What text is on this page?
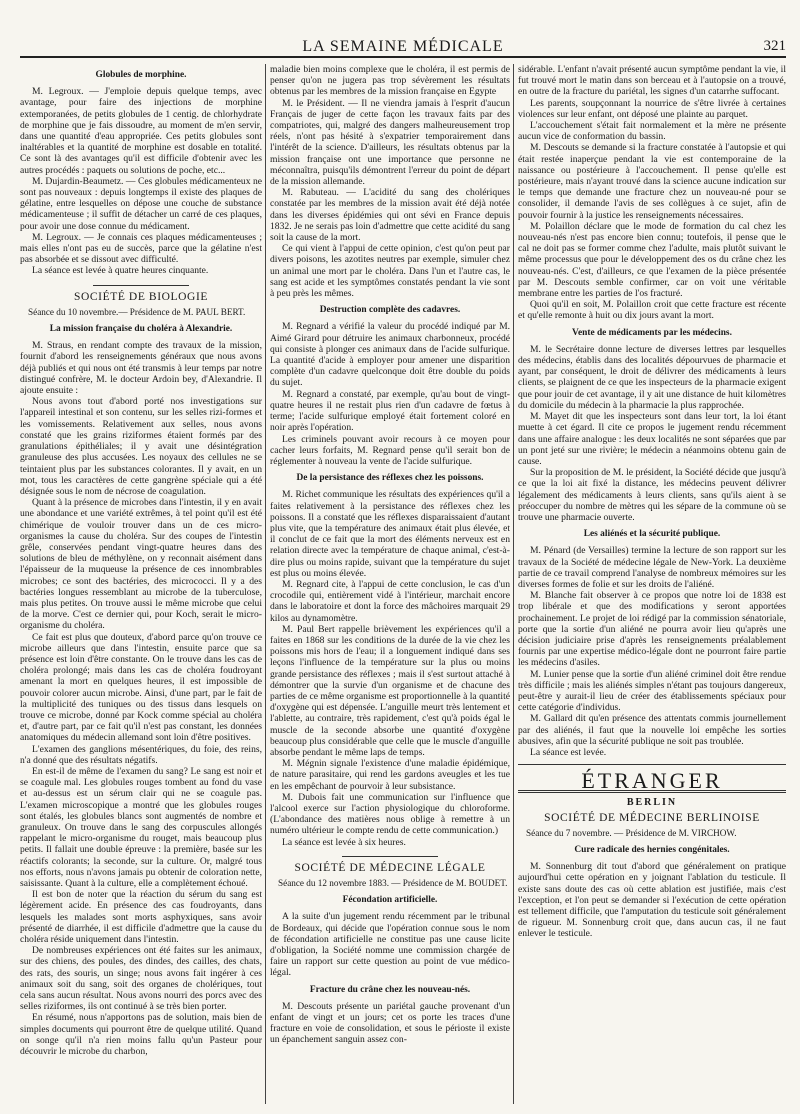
LA SEMAINE MÉDICALE	321
Globules de morphine.

M. Legroux. — J'emploie depuis quelque temps, avec avantage, pour faire des injections de morphine extemporanées, de petits globules de 1 centig. de chlorhydrate de morphine que je fais dissoudre, au moment de m'en servir, dans une quantité d'eau appropriée. Ces petits globules sont inaltérables et la quantité de morphine est dosable en totalité. Ce sont là des avantages qu'il est difficile d'obtenir avec les autres procédés : paquets ou solutions de poche, etc...

M. Dujardin-Beaumetz. — Ces globules médicamenteux ne sont pas nouveaux : depuis longtemps il existe des plaques de gélatine, entre lesquelles on dépose une couche de substance médicamenteuse ; il suffit de détacher un carré de ces plaques, pour avoir une dose connue du médicament.

M. Legroux. — Je connais ces plaques médicamenteuses ; mais elles n'ont pas eu de succès, parce que la gélatine n'est pas absorbée et se dissout avec difficulté.

La séance est levée à quatre heures cinquante.

SOCIÉTÉ DE BIOLOGIE

Séance du 10 novembre.— Présidence de M. PAUL BERT.

La mission française du choléra à Alexandrie.

M. Straus, en rendant compte des travaux de la mission, fournit d'abord les renseignements généraux que nous avons déjà publiés et qui nous ont été transmis à leur temps par notre distingué confrère, M. le docteur Ardoin bey, d'Alexandrie. Il ajoute ensuite :

Nous avons tout d'abord porté nos investigations sur l'appareil intestinal et son contenu, sur les selles rizi-formes et les vomissements. Relativement aux selles, nous avons constaté que les grains riziformes étaient formés par des granulations épithéliales; il y avait une désintégration granuleuse des plus accusées. Les noyaux des cellules ne se teintaient plus par les substances colorantes. Il y avait, en un mot, tous les caractères de cette gangrène spéciale qui a été désignée sous le nom de nécrose de coagulation.

Quant à la présence de microbes dans l'intestin, il y en avait une abondance et une variété extrêmes, à tel point qu'il est été chimérique de vouloir trouver dans un de ces micro-organismes la cause du choléra. Sur des coupes de l'intestin grêle, conservées pendant vingt-quatre heures dans des solutions de bleu de méthylène, on y reconnait aisément dans l'épaisseur de la muqueuse la présence de ces innombrables microbes; ce sont des bactéries, des micrococci. Il y a des bactéries longues ressemblant au microbe de la tuberculose, mais plus petites. On trouve aussi le même microbe que celui de la morve. C'est ce dernier qui, pour Koch, serait le micro-organisme du choléra.

Ce fait est plus que douteux, d'abord parce qu'on trouve ce microbe ailleurs que dans l'intestin, ensuite parce que sa présence est loin d'être constante. On le trouve dans les cas de choléra prolongé; mais dans les cas de choléra foudroyant amenant la mort en quelques heures, il est impossible de pouvoir colorer aucun microbe. Ainsi, d'une part, par le fait de la multiplicité des tuniques ou des tissus dans lesquels on trouve ce microbe, donné par Kock comme spécial au choléra et, d'autre part, par ce fait qu'il n'est pas constant, les données anatomiques du médecin allemand sont loin d'être positives.

L'examen des ganglions mésentériques, du foie, des reins, n'a donné que des résultats négatifs.

En est-il de même de l'examen du sang? Le sang est noir et se coagule mal. Les globules rouges tombent au fond du vase et au-dessus est un sérum clair qui ne se coagule pas. L'examen microscopique a montré que les globules rouges sont étalés, les globules blancs sont augmentés de nombre et granuleux. On trouve dans le sang des corpuscules allongés rappelant le micro-organisme du rouget, mais beaucoup plus petits. Il fallait une double épreuve : la première, basée sur les réactifs colorants; la seconde, sur la culture. Or, malgré tous nos efforts, nous n'avons jamais pu obtenir de coloration nette, saisissante. Quant à la culture, elle a complètement échoué.

Il est bon de noter que la réaction du sérum du sang est légèrement acide. En présence des cas foudroyants, dans lesquels les malades sont morts asphyxiques, sans avoir présenté de diarrhée, il est difficile d'admettre que la cause du choléra réside uniquement dans l'intestin.

De nombreuses expériences ont été faites sur les animaux, sur des chiens, des poules, des dindes, des cailles, des chats, des rats, des souris, un singe; nous avons fait ingérer à ces animaux soit du sang, soit des organes de cholériques, tout cela sans aucun résultat. Nous avons nourri des porcs avec des selles riziformes, ils ont continué à se très bien porter.

En résumé, nous n'apportons pas de solution, mais bien de simples documents qui pourront être de quelque utilité. Quand on songe qu'il n'a rien moins fallu qu'un Pasteur pour découvrir le microbe du charbon,

maladie bien moins complexe que le choléra, il est permis de penser qu'on ne jugera pas trop sévèrement les résultats obtenus par les membres de la mission française en Egypte

M. le Président. — Il ne viendra jamais à l'esprit d'aucun Français de juger de cette façon les travaux faits par des compatriotes, qui, malgré des dangers malheureusement trop réels, n'ont pas hésité à s'expatrier temporairement dans l'intérêt de la science. D'ailleurs, les résultats obtenus par la mission française ont une importance que personne ne méconnaîtra, puisqu'ils démontrent l'erreur du point de départ de la mission allemande.

M. Rabuteau. — L'acidité du sang des cholériques constatée par les membres de la mission avait été déjà notée dans les diverses épidémies qui ont sévi en France depuis 1832. Je ne serais pas loin d'admettre que cette acidité du sang soit la cause de la mort.

Ce qui vient à l'appui de cette opinion, c'est qu'on peut par divers poisons, les azotites neutres par exemple, simuler chez un animal une mort par le choléra. Dans l'un et l'autre cas, le sang est acide et les symptômes constatés pendant la vie sont à peu près les mêmes.

Destruction complète des cadavres.

M. Regnard a vérifié la valeur du procédé indiqué par M. Aimé Girard pour détruire les animaux charbonneux, procédé qui consiste à plonger ces animaux dans de l'acide sulfurique. La quantité d'acide à employer pour amener une disparition complète d'un cadavre quelconque doit être double du poids du sujet.

M. Regnard a constaté, par exemple, qu'au bout de vingt-quatre heures il ne restait plus rien d'un cadavre de fœtus à terme; l'acide sulfurique employé était fortement coloré en noir après l'opération.

Les criminels pouvant avoir recours à ce moyen pour cacher leurs forfaits, M. Regnard pense qu'il serait bon de réglementer à nouveau la vente de l'acide sulfurique.

De la persistance des réflexes chez les poissons.

M. Richet communique les résultats des expériences qu'il a faites relativement à la persistance des réflexes chez les poissons. Il a constaté que les réflexes disparaissaient d'autant plus vite, que la température des animaux était plus élevée, et il conclut de ce fait que la mort des éléments nerveux est en relation directe avec la température de chaque animal, c'est-à-dire plus ou moins rapide, suivant que la température du sujet est plus ou moins élevée.

M. Regnard cite, à l'appui de cette conclusion, le cas d'un crocodile qui, entièrement vidé à l'intérieur, marchait encore dans le laboratoire et dont la force des mâchoires marquait 29 kilos au dynamomètre.

M. Paul Bert rappelle brièvement les expériences qu'il a faites en 1868 sur les conditions de la durée de la vie chez les poissons mis hors de l'eau; il a longuement indiqué dans ses leçons l'influence de la température sur la plus ou moins grande persistance des réflexes ; mais il s'est surtout attaché à démontrer que la survie d'un organisme et de chacune des parties de ce même organisme est proportionnelle à la quantité d'oxygène qui est dépensée. L'anguille meurt très lentement et l'ablette, au contraire, très rapidement, c'est qu'à poids égal le muscle de la seconde absorbe une quantité d'oxygène beaucoup plus considérable que celle que le muscle d'anguille absorbe pendant le même laps de temps.

M. Mégnin signale l'existence d'une maladie épidémique, de nature parasitaire, qui rend les gardons aveugles et les tue en les empêchant de pourvoir à leur subsistance.

M. Dubois fait une communication sur l'influence que l'alcool exerce sur l'action physiologique du chloroforme. (L'abondance des matières nous oblige à remettre à un numéro ultérieur le compte rendu de cette communication.)

La séance est levée à six heures.

SOCIÉTÉ DE MÉDECINE LÉGALE

Séance du 12 novembre 1883. — Présidence de M. BOUDET.

Fécondation artificielle.

A la suite d'un jugement rendu récemment par le tribunal de Bordeaux, qui décide que l'opération connue sous le nom de fécondation artificielle ne constitue pas une cause licite d'obligation, la Société nomme une commission chargée de faire un rapport sur cette question au point de vue médico-légal.

Fracture du crâne chez les nouveau-nés.

M. Descouts présente un pariétal gauche provenant d'un enfant de vingt et un jours; cet os porte les traces d'une fracture en voie de consolidation, et sous le périoste il existe un épanchement sanguin assez con-

sidérable. L'enfant n'avait présenté aucun symptôme pendant la vie, il fut trouvé mort le matin dans son berceau et à l'autopsie on a trouvé, en outre de la fracture du pariétal, les signes d'un catarrhe suffocant.

Les parents, soupçonnant la nourrice de s'être livrée à certaines violences sur leur enfant, ont déposé une plainte au parquet.

L'accouchement s'était fait normalement et la mère ne présente aucun vice de conformation du bassin.

M. Descouts se demande si la fracture constatée à l'autopsie et qui était restée inaperçue pendant la vie est contemporaine de la naissance ou postérieure à l'accouchement. Il pense qu'elle est postérieure, mais n'ayant trouvé dans la science aucune indication sur le temps que demande une fracture chez un nouveau-né pour se consolider, il demande l'avis de ses collègues à ce sujet, afin de pouvoir fournir à la justice les renseignements nécessaires.

M. Polaillon déclare que le mode de formation du cal chez les nouveau-nés n'est pas encore bien connu; toutefois, il pense que le cal ne doit pas se former comme chez l'adulte, mais plutôt suivant le même processus que pour le développement des os du crâne chez les nouveau-nés. C'est, d'ailleurs, ce que l'examen de la pièce présentée par M. Descouts semble confirmer, car on voit une véritable membrane entre les parties de l'os fracturé.

Quoi qu'il en soit, M. Polaillon croit que cette fracture est récente et qu'elle remonte à huit ou dix jours avant la mort.

Vente de médicaments par les médecins.

M. le Secrétaire donne lecture de diverses lettres par lesquelles des médecins, établis dans des localités dépourvues de pharmacie et ayant, par conséquent, le droit de délivrer des médicaments à leurs clients, se plaignent de ce que les inspecteurs de la pharmacie exigent que pour jouir de cet avantage, il y ait une distance de huit kilomètres du domicile du médecin à la pharmacie la plus rapprochée.

M. Mayet dit que les inspecteurs sont dans leur tort, la loi étant muette à cet égard. Il cite ce propos le jugement rendu récemment dans une affaire analogue : les deux localités ne sont séparées que par un pont jeté sur une rivière; le médecin a néanmoins obtenu gain de cause.

Sur la proposition de M. le président, la Société décide que jusqu'à ce que la loi ait fixé la distance, les médecins peuvent délivrer légalement des médicaments à leurs clients, sans qu'ils aient à se préoccuper du nombre de mètres qui les sépare de la commune où se trouve une pharmacie ouverte.

Les aliénés et la sécurité publique.

M. Pénard (de Versailles) termine la lecture de son rapport sur les travaux de la Société de médecine légale de New-York. La deuxième partie de ce travail comprend l'analyse de nombreux mémoires sur les diverses formes de folie et sur les droits de l'aliéné.

M. Blanche fait observer à ce propos que notre loi de 1838 est trop libérale et que des modifications y seront apportées prochainement. Le projet de loi rédigé par la commission sénatoriale, porte que la sortie d'un aliéné ne pourra avoir lieu qu'après une décision judiciaire prise d'après les renseignements préalablement fournis par une expertise médico-légale dont ne pourront faire partie les médecins d'asiles.

M. Lunier pense que la sortie d'un aliéné criminel doit être rendue très difficile ; mais les aliénés simples n'étant pas toujours dangereux, peut-être y aurait-il lieu de créer des établissements spéciaux pour cette catégorie d'individus.

M. Gallard dit qu'en présence des attentats commis journellement par des aliénés, il faut que la nouvelle loi empêche les sorties abusives, afin que la sécurité publique ne soit pas troublée.

La séance est levée.

ÉTRANGER
BERLIN
SOCIÉTÉ DE MÉDECINE BERLINOISE

Séance du 7 novembre. — Présidence de M. VIRCHOW.

Cure radicale des hernies congénitales.

M. Sonnenburg dit tout d'abord que généralement on pratique aujourd'hui cette opération en y joignant l'ablation du testicule. Il existe sans doute des cas où cette ablation est justifiée, mais c'est l'exception, et l'on peut se demander si l'exécution de cette opération est tellement difficile, que l'amputation du testicule soit généralement de rigueur. M. Sonnenburg croit que, dans aucun cas, il ne faut enlever le testicule.
